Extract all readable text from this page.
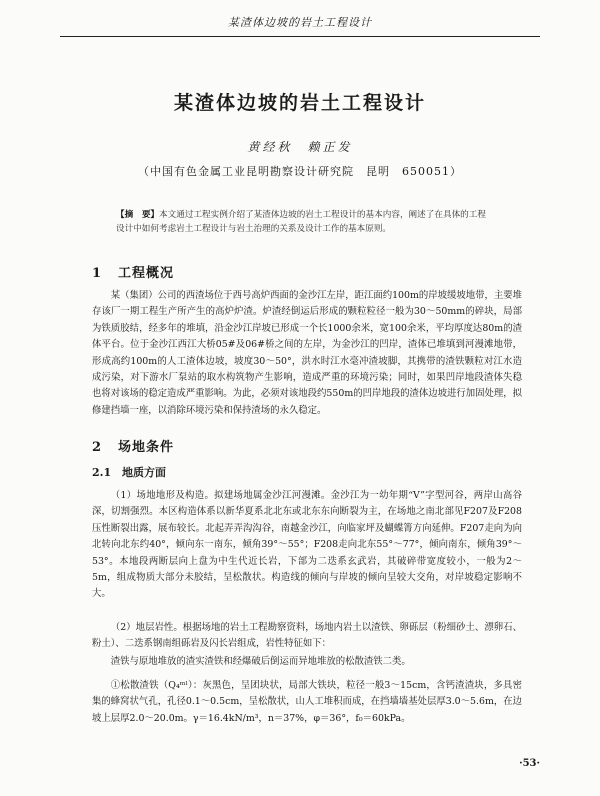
某渣体边坡的岩土工程设计
某渣体边坡的岩土工程设计
黄经秋　赖正发
（中国有色金属工业昆明勘察设计研究院　昆明　650051）
【摘　要】本文通过工程实例介绍了某渣体边坡的岩土工程设计的基本内容，阐述了在具体的工程设计中如何考虑岩土工程设计与岩土治理的关系及设计工作的基本原则。
1 工程概况
某（集团）公司的西渣场位于西号高炉西面的金沙江左岸，距江面约100m的岸坡缓坡地带，主要堆存该厂一期工程生产所产生的高炉炉渣。炉渣经倒运后形成的颗粒粒径一般为30～50mm的碎块，局部为铁质胶结，经多年的堆填，沿金沙江岸坡已形成一个长1000余米，宽100余米，平均厚度达80m的渣体平台。位于金沙江西江大桥05#及06#桥之间的左岸，为金沙江的凹岸，渣体已堆填到河漫滩地带，形成高约100m的人工渣体边坡，坡度30～50°，洪水时江水毫冲渣坡脚，其携带的渣铁颗粒对江水造成污染，对下游水厂泵站的取水构筑物产生影响，造成严重的环境污染；同时，如果凹岸地段渣体失稳也将对该场的稳定造成严重影响。为此，必须对该地段约550m的凹岸地段的渣体边坡进行加固处理，拟修建挡墙一座，以消除环境污染和保持渣场的永久稳定。
2 场地条件
2.1 地质方面
（1）场地地形及构造。拟建场地属金沙江河漫滩。金沙江为一幼年期“V”字型河谷，两岸山高谷深，切割强烈。本区构造体系以新华夏系北北东或北东东向断裂为主，在场地之南北部见F207及F208压性断裂出露，展布较长。北起弄弄沟沟谷，南越金沙江，向临家坪及蝴蝶箐方向延伸。F207走向为向北转向北东约40°，倾向东一南东，倾角39°～55°；F208走向北东55°～77°，倾向南东，倾角39°～53°。本地段两断层向上盘为中生代近长岩，下部为二迭系玄武岩，其破碎带宽度较小，一般为2～5m，组成物质大部分未胶结，呈松散状。构造线的倾向与岸坡的倾向呈较大交角，对岸坡稳定影响不大。
（2）地层岩性。根据场地的岩土工程勘察资料，场地内岩土以渣铁、卵砾层（粉细砂土、漂卵石、粉土）、二迭系钢南组砾岩及闪长岩组成，岩性特征如下：
渣铁与原地堆放的渣实渣铁和经爆破后倒运而异地堆放的松散渣铁二类。
①松散渣铁（Q₄ᵐˡ）：灰黑色，呈团块状，局部大铁块，粒径一般3～15cm，含钙渣渣块，多具密集的蜂窝状气孔，孔径0.1～0.5cm，呈松散状，山人工堆积而成，在挡墙墙基处层厚3.0～5.6m，在边坡上层厚2.0～20.0m。γ＝16.4kN/m³，n＝37%，φ＝36°，f₀＝60kPa。
·53·
